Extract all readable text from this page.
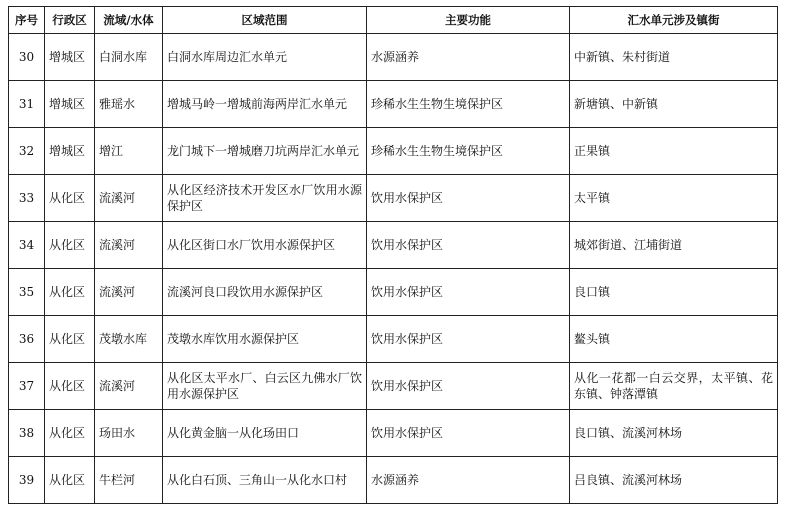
序号	行政区	流域/水体	区域范围	主要功能	汇水单元涉及镇街
30	增城区	白洞水库	白洞水库周边汇水单元	水源涵养	中新镇、朱村街道
31	增城区	雅瑶水	增城马岭一增城前海两岸汇水单元	珍稀水生生物生境保护区	新塘镇、中新镇
32	增城区	增江	龙门城下一增城磨刀坑两岸汇水单元	珍稀水生生物生境保护区	正果镇
33	从化区	流溪河	从化区经济技术开发区水厂饮用水源保护区	饮用水保护区	太平镇
34	从化区	流溪河	从化区街口水厂饮用水源保护区	饮用水保护区	城郊街道、江埔街道
35	从化区	流溪河	流溪河良口段饮用水源保护区	饮用水保护区	良口镇
36	从化区	茂墩水库	茂墩水库饮用水源保护区	饮用水保护区	鳌头镇
37	从化区	流溪河	从化区太平水厂、白云区九佛水厂饮用水源保护区	饮用水保护区	从化一花都一白云交界，太平镇、花东镇、钟落潭镇
38	从化区	玚田水	从化黄金脑一从化玚田口	饮用水保护区	良口镇、流溪河林场
39	从化区	牛栏河	从化白石顶、三角山一从化水口村	水源涵养	吕良镇、流溪河林场
